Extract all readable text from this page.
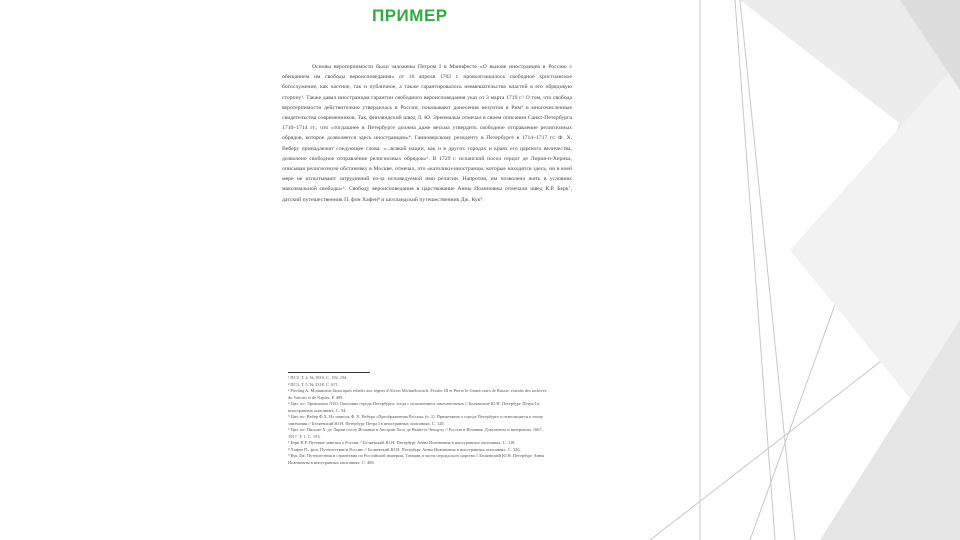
ПРИМЕР

Основы веротерпимости были заложены Петром I в Манифесте «О вызове иностранцев в Россию с обещанием им свободы вероисповедания» от 16 апреля 1702 г. провозглашалось свободное христианское богослужение, как частное, так и публичное, а также гарантировалось невмешательство властей в его обрядовую сторону¹. Также давал иностранцам гарантии свободного вероисповедания указ от 3 марта 1719 г.² О том, что свобода веротерпимости действительно утвердилась в России, показывают донесения иезуитов в Рим³ и многочисленные свидетельства современников. Так, финляндский швед Л. Ю. Эренмальм отмечал в своем описании Санкт-Петербурга 1710–1714 гг., что «тогдашнее в Петербурге должна даже весьма утвердить свободное отправление религиозных обрядов, которое дозволяется здесь иностранцам»⁴. Ганноверскому резиденту в Петербурге в 1714–1717 гг. Ф. Х. Веберу принадлежит следующее слова: «...всякой нации, как и в других городах и краях его царского величества, дозволено свободное отправление религиозных обрядов»⁵. В 1729 г. испанский посол герцог де Лирия-и-Херика, описывая религиозную обстановку в Москве, отмечал, что «католики-иностранцы, которые находятся здесь, ни в коей мере не испытывают затруднений из-за исповедуемой ими религии. Напротив, им позволено жить в условиях максимальной свободы»⁶. Свободу вероисповедания в царствование Анны Иоанновны отмечали швед К.Р. Берк⁷, датский путешественник П. фон Хафен⁸ и шотландский путешественник Дж. Кук⁹.

¹ ПСЗ. Т. 4. № 1910. С. 192–194.
² ПСЗ. Т. 5. № 3318. С. 671.
³ Pierling A. Monuments historiques relatifs aux règnes d'Alexis Michaélowitch, Féodor III et Pierre le Grand czars de Russie, extraits des archives du Vatican et de Naples. P. 409.
⁴ Цит. по: Эренмальм Л.Ю. Описание города Петербурга, тогда с исполнением замечательных // Беляевские Ю.Н. Петербург Петра I в иностранных описаниях. С. 94.
⁵ Цит. по: Вебер Ф.Х. Из записок Ф. Х. Вебера «Преображенная Россия» (ч. 1). Примечание о городе Петербурге и относящиеся к этому замечания // Беляевский Ю.Н. Петербург Петра I в иностранных описаниях. С. 128.
⁶ Цит. по: Письмо Х. де Лирии послу Испании в Австрии Хосе де Вьянэ-и-Эньцуху // Россия и Испания. Документы и материалы. 1667–1917. Т. 1. С. 193.
⁷ Берк К.Р. Путевые заметки о России // Беляевский Ю.Н. Петербург Анны Иоанновны в иностранных описаниях. С. 118.
⁸ Хафен П., фон. Путешествие в Россию // Беляевский Ю.Н. Петербург Анны Иоанновны в иностранных описаниях. С. 336.
⁹ Кук Дж. Путешествия и странствия по Российской империи, Татарии и части персидского царства // Беляевский Ю.Н. Петербург Анны Иоанновны в иностранных описаниях. С. 408.
